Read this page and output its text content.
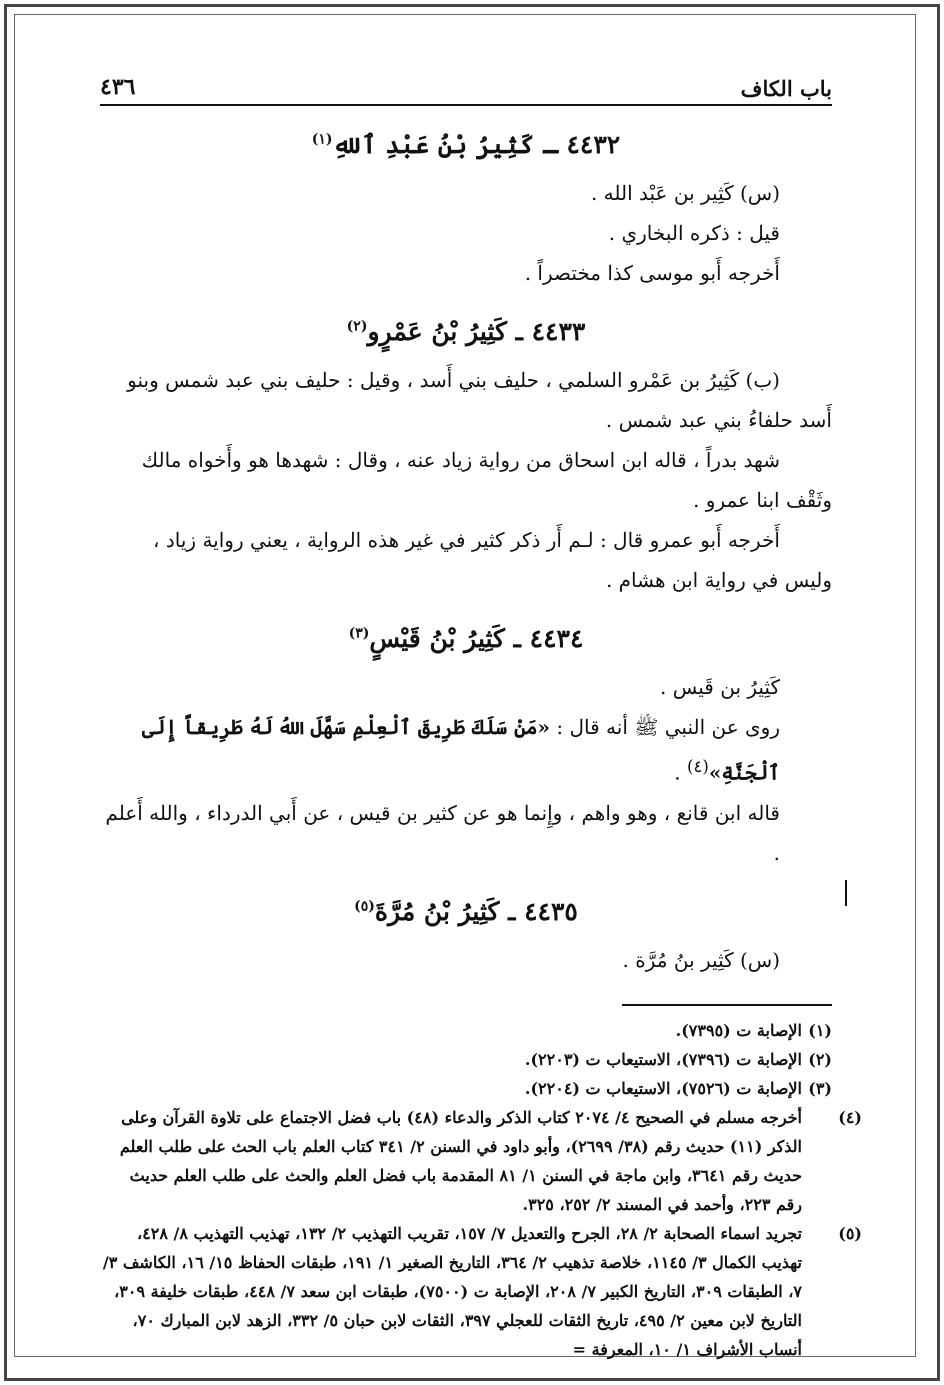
باب الكاف
٤٣٦
٤٤٣٢ ـ كَثِيرُ بْنُ عَبْدِ ٱللهِ$^{(١)}$

(س) كَثِير بن عَبْد الله .

قيل : ذكره البخاري .

أَخرجه أَبو موسى كذا مختصراً .

٤٤٣٣ ـ كَثِيرُ بْنُ عَمْرٍو$^{(٢)}$

(ب) كَثِيرُ بن عَمْرو السلمي ، حليف بني أَسد ، وقيل : حليف بني عبد شمس وبنو أَسد حلفاءُ بني عبد شمس .

شهد بدراً ، قاله ابن اسحاق من رواية زياد عنه ، وقال : شهدها هو وأَخواه مالك وثَقْف ابنا عمرو .

أَخرجه أَبو عمرو قال : لـم أَر ذكر كثير في غير هذه الرواية ، يعني رواية زياد ، وليس في رواية ابن هشام .

٤٤٣٤ ـ كَثِيرُ بْنُ قَيْسٍ$^{(٣)}$

كَثِيرُ بن قَيس .

روى عن النبي ﷺ أنه قال : «مَنْ سَلَكَ طَرِيقَ ٱلْعِلْمِ سَهَّلَ اللهُ لَهُ طَرِيقاً إِلَى ٱلْجَنَّةِ»$^{(٤)}$ .

قاله ابن قانع ، وهو واهم ، وإِنما هو عن كثير بن قيس ، عن أَبي الدرداء ، والله أَعلم .

٤٤٣٥ ـ كَثِيرُ بْنُ مُرَّةَ$^{(٥)}$

(س) كَثِير بنُ مُرَّة .

(١)الإصابة ت (٧٣٩٥).

(٢)الإصابة ت (٧٣٩٦)، الاستيعاب ت (٢٢٠٣).

(٣)الإصابة ت (٧٥٢٦)، الاستيعاب ت (٢٢٠٤).

(٤)أخرجه مسلم في الصحيح ٤/ ٢٠٧٤ كتاب الذكر والدعاء (٤٨) باب فضل الاجتماع على تلاوة القرآن وعلى الذكر (١١) حديث رقم (٣٨/ ٢٦٩٩)، وأبو داود في السنن ٢/ ٣٤١ كتاب العلم باب الحث على طلب العلم حديث رقم ٣٦٤١، وابن ماجة في السنن ١/ ٨١ المقدمة باب فضل العلم والحث على طلب العلم حديث رقم ٢٢٣، وأحمد في المسند ٢/ ٢٥٢، ٣٢٥.

(٥)تجريد اسماء الصحابة ٢/ ٢٨، الجرح والتعديل ٧/ ١٥٧، تقريب التهذيب ٢/ ١٣٢، تهذيب التهذيب ٨/ ٤٢٨، تهذيب الكمال ٣/ ١١٤٥، خلاصة تذهيب ٢/ ٣٦٤، التاريخ الصغير ١/ ١٩١، طبقات الحفاظ ١٥/ ١٦، الكاشف ٣/ ٧، الطبقات ٣٠٩، التاريخ الكبير ٧/ ٢٠٨، الإصابة ت (٧٥٠٠)، طبقات ابن سعد ٧/ ٤٤٨، طبقات خليفة ٣٠٩، التاريخ لابن معين ٢/ ٤٩٥، تاريخ الثقات للعجلي ٣٩٧، الثقات لابن حبان ٥/ ٣٣٢، الزهد لابن المبارك ٧٠، أنساب الأشراف ١/ ١٠، المعرفة =
